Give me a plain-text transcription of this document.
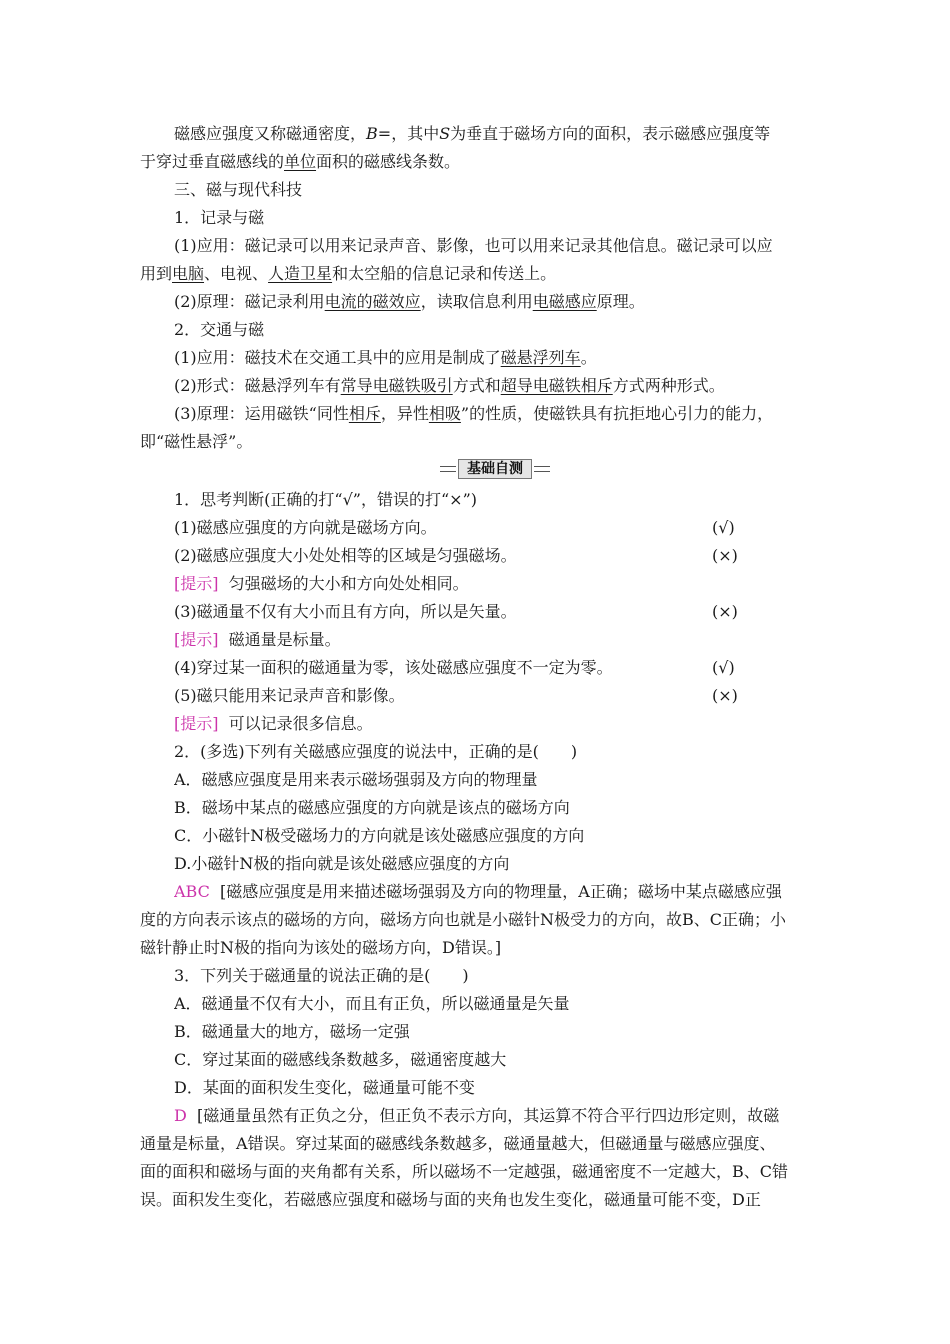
磁感应强度又称磁通密度，B=，其中S为垂直于磁场方向的面积，表示磁感应强度等
于穿过垂直磁感线的单位面积的磁感线条数。
三、磁与现代科技
1．记录与磁
(1)应用：磁记录可以用来记录声音、影像，也可以用来记录其他信息。磁记录可以应
用到电脑、电视、人造卫星和太空船的信息记录和传送上。
(2)原理：磁记录利用电流的磁效应，读取信息利用电磁感应原理。
2．交通与磁
(1)应用：磁技术在交通工具中的应用是制成了磁悬浮列车。
(2)形式：磁悬浮列车有常导电磁铁吸引方式和超导电磁铁相斥方式两种形式。
(3)原理：运用磁铁“同性相斥，异性相吸”的性质，使磁铁具有抗拒地心引力的能力，
即“磁性悬浮”。
基础自测
1．思考判断(正确的打“√”，错误的打“×”)
(1)磁感应强度的方向就是磁场方向。	(√)
(2)磁感应强度大小处处相等的区域是匀强磁场。	(×)
[提示] 匀强磁场的大小和方向处处相同。
(3)磁通量不仅有大小而且有方向，所以是矢量。	(×)
[提示] 磁通量是标量。
(4)穿过某一面积的磁通量为零，该处磁感应强度不一定为零。	(√)
(5)磁只能用来记录声音和影像。	(×)
[提示] 可以记录很多信息。
2．(多选)下列有关磁感应强度的说法中，正确的是(　　)
A．磁感应强度是用来表示磁场强弱及方向的物理量
B．磁场中某点的磁感应强度的方向就是该点的磁场方向
C．小磁针N极受磁场力的方向就是该处磁感应强度的方向
D.小磁针N极的指向就是该处磁感应强度的方向
ABC [磁感应强度是用来描述磁场强弱及方向的物理量，A正确；磁场中某点磁感应强
度的方向表示该点的磁场的方向，磁场方向也就是小磁针N极受力的方向，故B、C正确；小
磁针静止时N极的指向为该处的磁场方向，D错误。]
3．下列关于磁通量的说法正确的是(　　)
A．磁通量不仅有大小，而且有正负，所以磁通量是矢量
B．磁通量大的地方，磁场一定强
C．穿过某面的磁感线条数越多，磁通密度越大
D．某面的面积发生变化，磁通量可能不变
D [磁通量虽然有正负之分，但正负不表示方向，其运算不符合平行四边形定则，故磁
通量是标量，A错误。穿过某面的磁感线条数越多，磁通量越大，但磁通量与磁感应强度、
面的面积和磁场与面的夹角都有关系，所以磁场不一定越强，磁通密度不一定越大，B、C错
误。面积发生变化，若磁感应强度和磁场与面的夹角也发生变化，磁通量可能不变，D正
